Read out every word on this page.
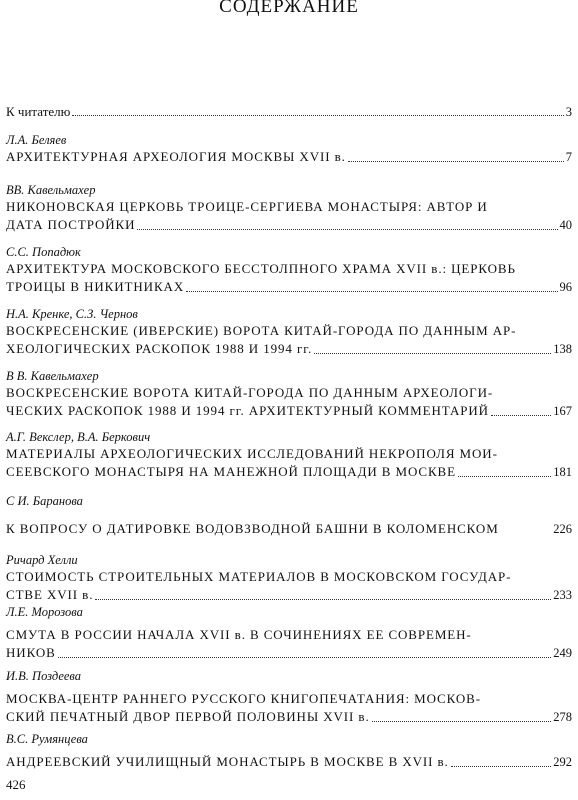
СОДЕРЖАНИЕ
К читателю	3
Л.А. Беляев
АРХИТЕКТУРНАЯ АРХЕОЛОГИЯ МОСКВЫ XVII в.	7
ВВ. Кавельмахер
НИКОНОВСКАЯ ЦЕРКОВЬ ТРОИЦЕ-СЕРГИЕВА МОНАСТЫРЯ: АВТОР И
ДАТА ПОСТРОЙКИ	40
С.С. Попадюк
АРХИТЕКТУРА МОСКОВСКОГО БЕССТОЛПНОГО ХРАМА XVII в.: ЦЕРКОВЬ
ТРОИЦЫ В НИКИТНИКАХ	96
Н.А. Кренке, С.З. Чернов
ВОСКРЕСЕНСКИЕ (ИВЕРСКИЕ) ВОРОТА КИТАЙ-ГОРОДА ПО ДАННЫМ АР-
ХЕОЛОГИЧЕСКИХ РАСКОПОК 1988 И 1994 гг.	138
В В. Кавельмахер
ВОСКРЕСЕНСКИЕ ВОРОТА КИТАЙ-ГОРОДА ПО ДАННЫМ АРХЕОЛОГИ-
ЧЕСКИХ РАСКОПОК 1988 И 1994 гг. АРХИТЕКТУРНЫЙ КОММЕНТАРИЙ	167
А.Г. Векслер, В.А. Беркович
МАТЕРИАЛЫ АРХЕОЛОГИЧЕСКИХ ИССЛЕДОВАНИЙ НЕКРОПОЛЯ МОИ-
СЕЕВСКОГО МОНАСТЫРЯ НА МАНЕЖНОЙ ПЛОЩАДИ В МОСКВЕ	181
С И. Баранова
К ВОПРОСУ О ДАТИРОВКЕ ВОДОВЗВОДНОЙ БАШНИ В КОЛОМЕНСКОМ	226
Ричард Хелли
СТОИМОСТЬ СТРОИТЕЛЬНЫХ МАТЕРИАЛОВ В МОСКОВСКОМ ГОСУДАР-
СТВЕ XVII в.	233
Л.Е. Морозова
СМУТА В РОССИИ НАЧАЛА XVII в. В СОЧИНЕНИЯХ ЕЕ СОВРЕМЕН-
НИКОВ	249
И.В. Поздеева
МОСКВА-ЦЕНТР РАННЕГО РУССКОГО КНИГОПЕЧАТАНИЯ: МОСКОВ-
СКИЙ ПЕЧАТНЫЙ ДВОР ПЕРВОЙ ПОЛОВИНЫ XVII в.	278
В.С. Румянцева
АНДРЕЕВСКИЙ УЧИЛИЩНЫЙ МОНАСТЫРЬ В МОСКВЕ В XVII в.	292
426
